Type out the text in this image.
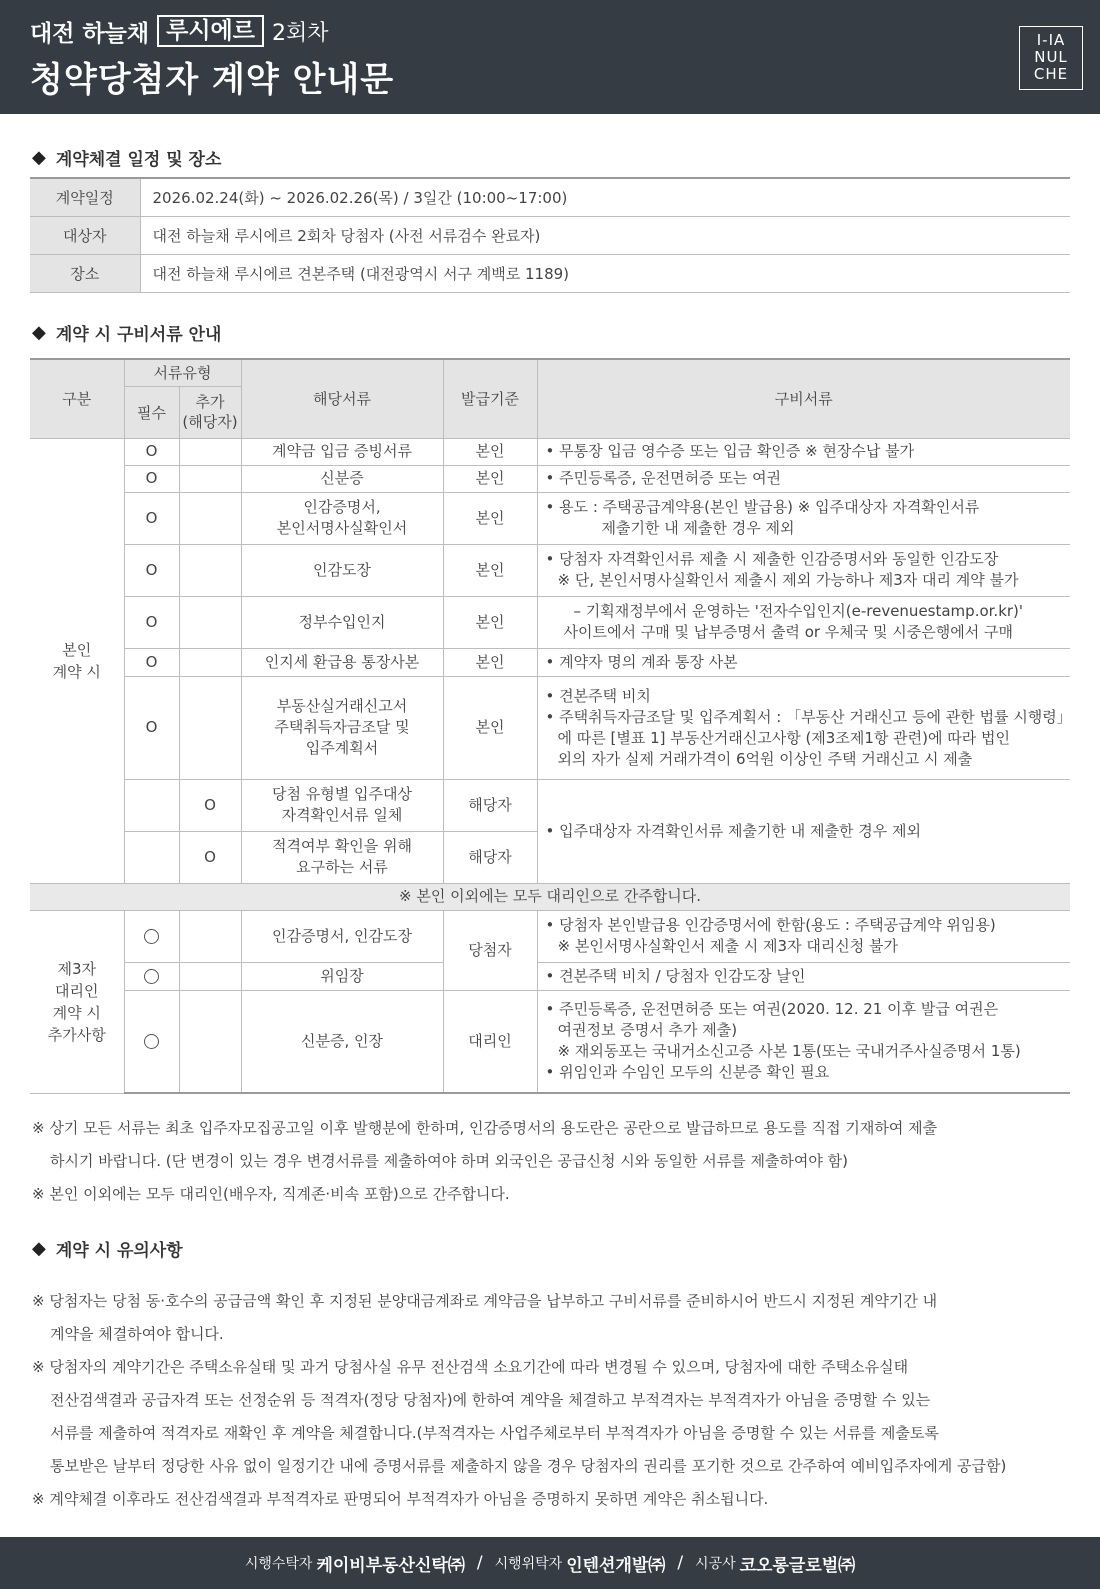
대전 하늘채 루시에르 2회차
청약당첨자 계약 안내문
I-IA
NUL
CHE
◆ 계약체결 일정 및 장소
계약일정	2026.02.24(화) ~ 2026.02.26(목) / 3일간 (10:00~17:00)
대상자	대전 하늘채 루시에르 2회차 당첨자 (사전 서류검수 완료자)
장소	대전 하늘채 루시에르 견본주택 (대전광역시 서구 계백로 1189)
◆ 계약 시 구비서류 안내
구분	서류유형		해당서류	발급기준	구비서류
	필수	추가
(해당자)			

본인
계약 시	O		계약금 입금 증빙서류	본인	• 무통장 입금 영수증 또는 입금 확인증 ※ 현장수납 불가
	O		신분증	본인	• 주민등록증, 운전면허증 또는 여권
	O		인감증명서,
본인서명사실확인서	본인	• 용도 : 주택공급계약용(본인 발급용) ※ 입주대상자 자격확인서류
제출기한 내 제출한 경우 제외

	O		인감도장	본인	• 당첨자 자격확인서류 제출 시 제출한 인감증명서와 동일한 인감도장
※ 단, 본인서명사실확인서 제출시 제외 가능하나 제3자 대리 계약 불가

	O		정부수입인지	본인	– 기획재정부에서 운영하는 '전자수입인지(e-revenuestamp.or.kr)'
사이트에서 구매 및 납부증명서 출력 or 우체국 및 시중은행에서 구매

	O		인지세 환급용 통장사본	본인	• 계약자 명의 계좌 통장 사본
	O		부동산실거래신고서
주택취득자금조달 및
입주계획서	본인	• 견본주택 비치
• 주택취득자금조달 및 입주계획서 : 「부동산 거래신고 등에 관한 법률 시행령」
에 따른 [별표 1] 부동산거래신고사항 (제3조제1항 관련)에 따라 법인
외의 자가 실제 거래가격이 6억원 이상인 주택 거래신고 시 제출

		O	당첨 유형별 입주대상
자격확인서류 일체	해당자	• 입주대상자 자격확인서류 제출기한 내 제출한 경우 제외
		O	적격여부 확인을 위해
요구하는 서류	해당자	
※ 본인 이외에는 모두 대리인으로 간주합니다.					

제3자
대리인
계약 시
추가사항			인감증명서, 인감도장	당첨자	• 당첨자 본인발급용 인감증명서에 한함(용도 : 주택공급계약 위임용)
※ 본인서명사실확인서 제출 시 제3자 대리신청 불가

			위임장		• 견본주택 비치 / 당첨자 인감도장 날인
			신분증, 인장	대리인	• 주민등록증, 운전면허증 또는 여권(2020. 12. 21 이후 발급 여권은
여권정보 증명서 추가 제출)
※ 재외동포는 국내거소신고증 사본 1통(또는 국내거주사실증명서 1통)
• 위임인과 수임인 모두의 신분증 확인 필요
※ 상기 모든 서류는 최초 입주자모집공고일 이후 발행분에 한하며, 인감증명서의 용도란은 공란으로 발급하므로 용도를 직접 기재하여 제출
하시기 바랍니다. (단 변경이 있는 경우 변경서류를 제출하여야 하며 외국인은 공급신청 시와 동일한 서류를 제출하여야 함)
※ 본인 이외에는 모두 대리인(배우자, 직계존·비속 포함)으로 간주합니다.
◆ 계약 시 유의사항
※ 당첨자는 당첨 동·호수의 공급금액 확인 후 지정된 분양대금계좌로 계약금을 납부하고 구비서류를 준비하시어 반드시 지정된 계약기간 내
계약을 체결하여야 합니다.
※ 당첨자의 계약기간은 주택소유실태 및 과거 당첨사실 유무 전산검색 소요기간에 따라 변경될 수 있으며, 당첨자에 대한 주택소유실태
전산검색결과 공급자격 또는 선정순위 등 적격자(정당 당첨자)에 한하여 계약을 체결하고 부적격자는 부적격자가 아님을 증명할 수 있는
서류를 제출하여 적격자로 재확인 후 계약을 체결합니다.(부적격자는 사업주체로부터 부적격자가 아님을 증명할 수 있는 서류를 제출토록
통보받은 날부터 정당한 사유 없이 일정기간 내에 증명서류를 제출하지 않을 경우 당첨자의 권리를 포기한 것으로 간주하여 예비입주자에게 공급함)
※ 계약체결 이후라도 전산검색결과 부적격자로 판명되어 부적격자가 아님을 증명하지 못하면 계약은 취소됩니다.
시행수탁자 케이비부동산신탁㈜ / 시행위탁자 인텐션개발㈜ / 시공사 코오롱글로벌㈜
